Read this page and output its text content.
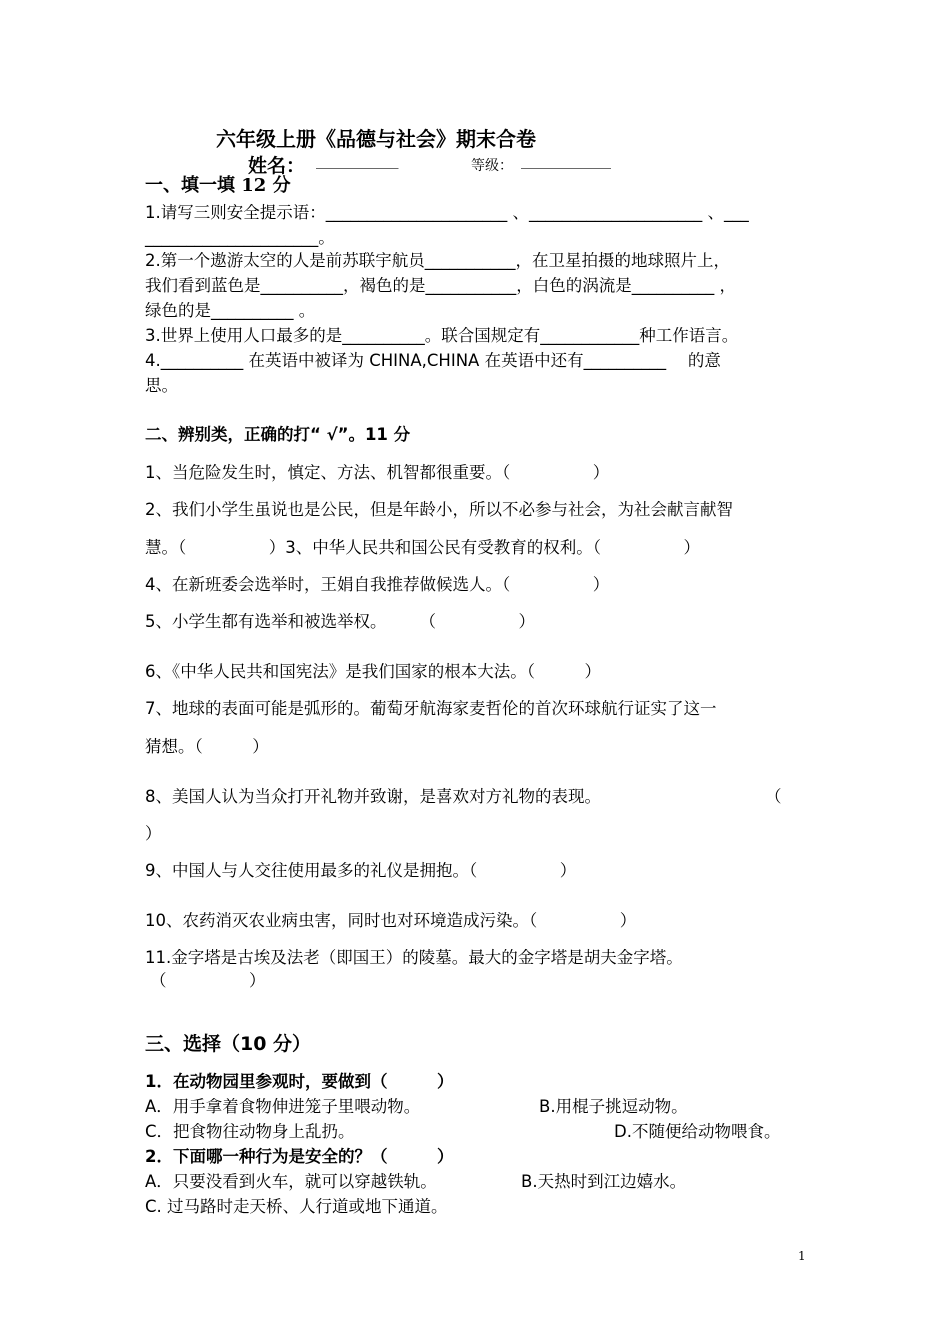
六年级上册《品德与社会》期末合卷
姓名： ___________	等级： ____________
一、填一填 12 分
1.请写三则安全提示语：______________________ 、_____________________ 、___
_____________________。
2.第一个遨游太空的人是前苏联宇航员___________，在卫星拍摄的地球照片上，
我们看到蓝色是__________，褐色的是___________，白色的涡流是__________ ，
绿色的是__________ 。
3.世界上使用人口最多的是__________。联合国规定有____________种工作语言。
4.__________ 在英语中被译为 CHINA,CHINA 在英语中还有__________　 的意
思。
二、辨别类，正确的打“ √”。11 分
1、当危险发生时，慎定、方法、机智都很重要。（　　　　　）
2、我们小学生虽说也是公民，但是年龄小，所以不必参与社会，为社会献言献智
慧。（　　　　　）3、中华人民共和国公民有受教育的权利。（　　　　　）
4、在新班委会选举时，王娟自我推荐做候选人。（　　　　　）
5、小学生都有选举和被选举权。　　　（　　　　　）
6、《中华人民共和国宪法》是我们国家的根本大法。（　　　）
7、地球的表面可能是弧形的。葡萄牙航海家麦哲伦的首次环球航行证实了这一
猜想。（　　　）
8、美国人认为当众打开礼物并致谢，是喜欢对方礼物的表现。	（
）
9、中国人与人交往使用最多的礼仪是拥抱。（　　　　　）
10、农药消灭农业病虫害，同时也对环境造成污染。（　　　　　）
11.金字塔是古埃及法老（即国王）的陵墓。最大的金字塔是胡夫金字塔。
（　　　　　）
三、选择（10 分）
1．在动物园里参观时，要做到（　　　）
A．用手拿着食物伸进笼子里喂动物。	B.用棍子挑逗动物。
C．把食物往动物身上乱扔。	D.不随便给动物喂食。
2．下面哪一种行为是安全的？（　　　）
A．只要没看到火车，就可以穿越铁轨。	B.天热时到江边嬉水。
C. 过马路时走天桥、人行道或地下通道。
1
